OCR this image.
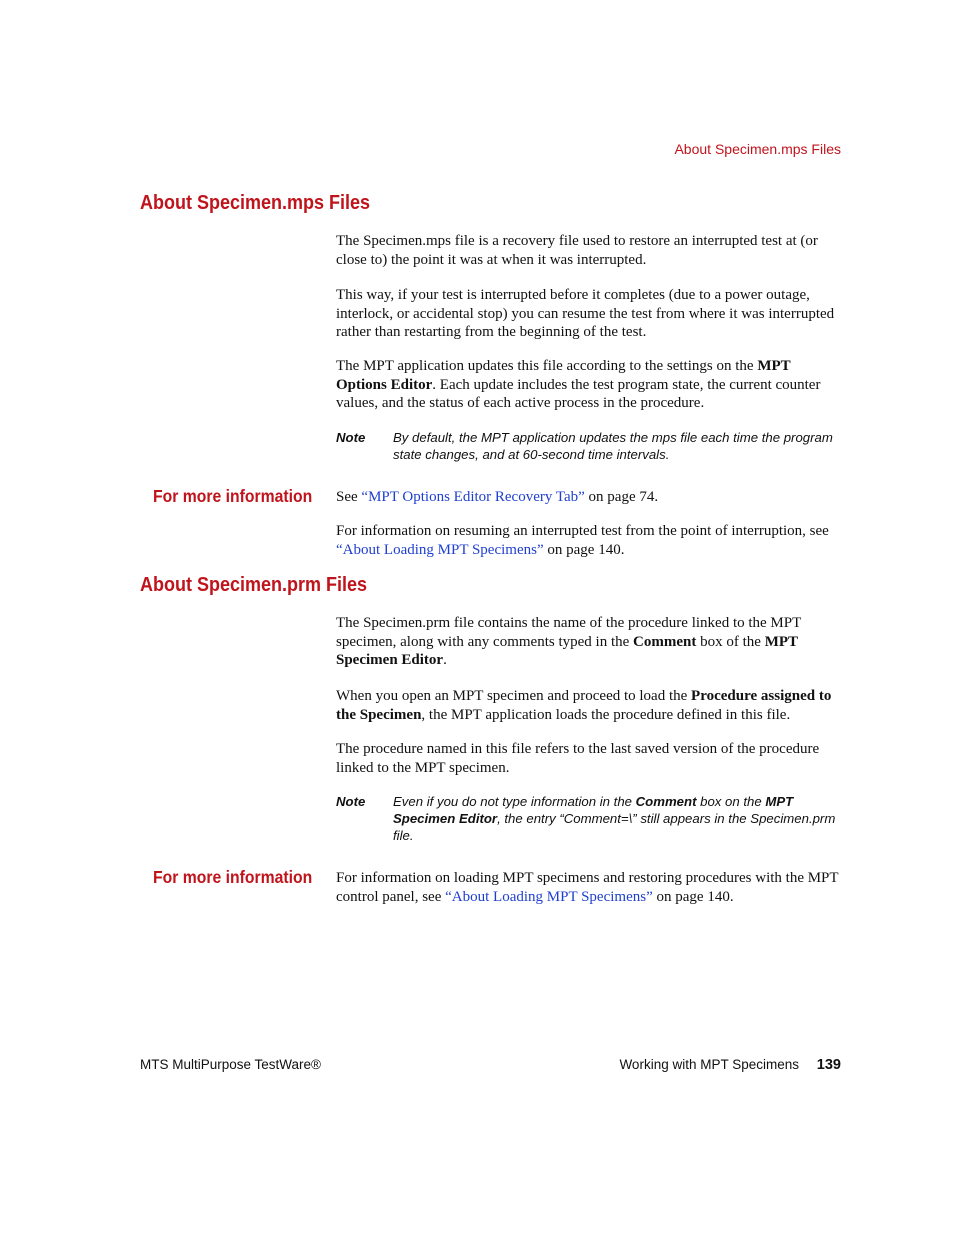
About Specimen.mps Files
About Specimen.mps Files

The Specimen.mps file is a recovery file used to restore an interrupted test at (or close to) the point it was at when it was interrupted.

This way, if your test is interrupted before it completes (due to a power outage, interlock, or accidental stop) you can resume the test from where it was interrupted rather than restarting from the beginning of the test.

The MPT application updates this file according to the settings on the MPT Options Editor. Each update includes the test program state, the current counter values, and the status of each active process in the procedure.

Note By default, the MPT application updates the mps file each time the program state changes, and at 60-second time intervals.
For more information See “MPT Options Editor Recovery Tab” on page 74.

For information on resuming an interrupted test from the point of interruption, see “About Loading MPT Specimens” on page 140.

About Specimen.prm Files

The Specimen.prm file contains the name of the procedure linked to the MPT specimen, along with any comments typed in the Comment box of the MPT Specimen Editor.

When you open an MPT specimen and proceed to load the Procedure assigned to the Specimen, the MPT application loads the procedure defined in this file.

The procedure named in this file refers to the last saved version of the procedure linked to the MPT specimen.

Note Even if you do not type information in the Comment box on the MPT Specimen Editor, the entry “Comment=\” still appears in the Specimen.prm file.
For more information For information on loading MPT specimens and restoring procedures with the MPT control panel, see “About Loading MPT Specimens” on page 140.

MTS MultiPurpose TestWare®	Working with MPT Specimens 139
